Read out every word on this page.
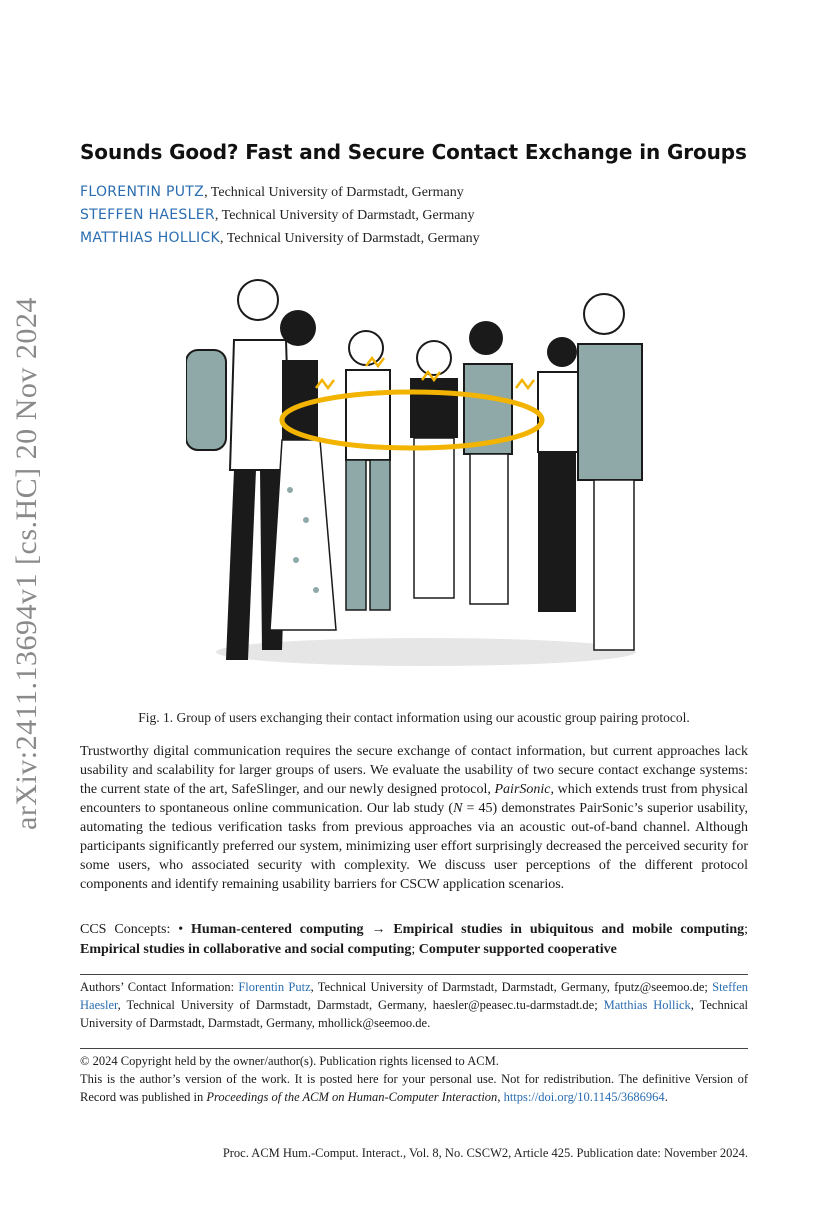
arXiv:2411.13694v1 [cs.HC] 20 Nov 2024
Sounds Good? Fast and Secure Contact Exchange in Groups
FLORENTIN PUTZ, Technical University of Darmstadt, Germany
STEFFEN HAESLER, Technical University of Darmstadt, Germany
MATTHIAS HOLLICK, Technical University of Darmstadt, Germany
Fig. 1. Group of users exchanging their contact information using our acoustic group pairing protocol.
Trustworthy digital communication requires the secure exchange of contact information, but current approaches lack usability and scalability for larger groups of users. We evaluate the usability of two secure contact exchange systems: the current state of the art, SafeSlinger, and our newly designed protocol, PairSonic, which extends trust from physical encounters to spontaneous online communication. Our lab study (N = 45) demonstrates PairSonic’s superior usability, automating the tedious verification tasks from previous approaches via an acoustic out-of-band channel. Although participants significantly preferred our system, minimizing user effort surprisingly decreased the perceived security for some users, who associated security with complexity. We discuss user perceptions of the different protocol components and identify remaining usability barriers for CSCW application scenarios.
CCS Concepts: • Human-centered computing → Empirical studies in ubiquitous and mobile computing; Empirical studies in collaborative and social computing; Computer supported cooperative
Authors’ Contact Information: Florentin Putz, Technical University of Darmstadt, Darmstadt, Germany, fputz@seemoo.de; Steffen Haesler, Technical University of Darmstadt, Darmstadt, Germany, haesler@peasec.tu-darmstadt.de; Matthias Hollick, Technical University of Darmstadt, Darmstadt, Germany, mhollick@seemoo.de.
© 2024 Copyright held by the owner/author(s). Publication rights licensed to ACM.
This is the author’s version of the work. It is posted here for your personal use. Not for redistribution. The definitive Version of Record was published in Proceedings of the ACM on Human-Computer Interaction, https://doi.org/10.1145/3686964.
Proc. ACM Hum.-Comput. Interact., Vol. 8, No. CSCW2, Article 425. Publication date: November 2024.
